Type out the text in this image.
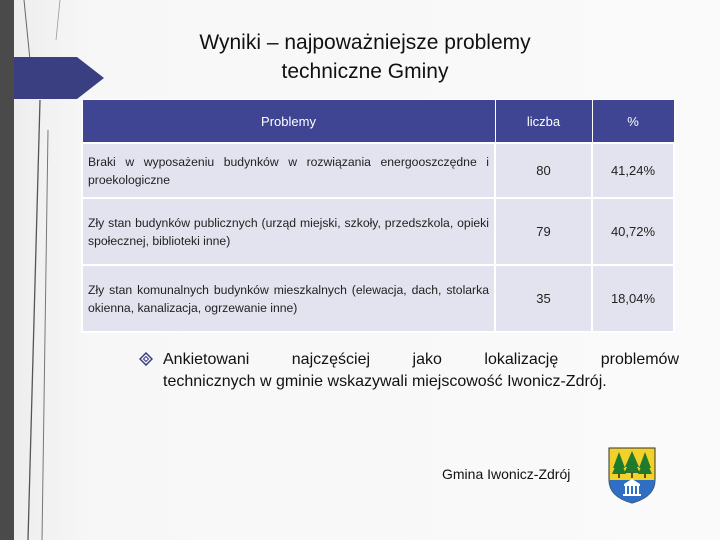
Wyniki – najpoważniejsze problemy
techniczne Gminy
Problemy	liczba	%
Braki w wyposażeniu budynków w rozwiązania energooszczędne i proekologiczne	80	41,24%
Zły stan budynków publicznych (urząd miejski, szkoły, przedszkola, opieki społecznej, biblioteki inne)	79	40,72%
Zły stan komunalnych budynków mieszkalnych (elewacja, dach, stolarka okienna, kanalizacja, ogrzewanie inne)	35	18,04%
Ankietowani najczęściej jako lokalizację problemów
technicznych w gminie wskazywali miejscowość Iwonicz-Zdrój.
Gmina Iwonicz-Zdrój
